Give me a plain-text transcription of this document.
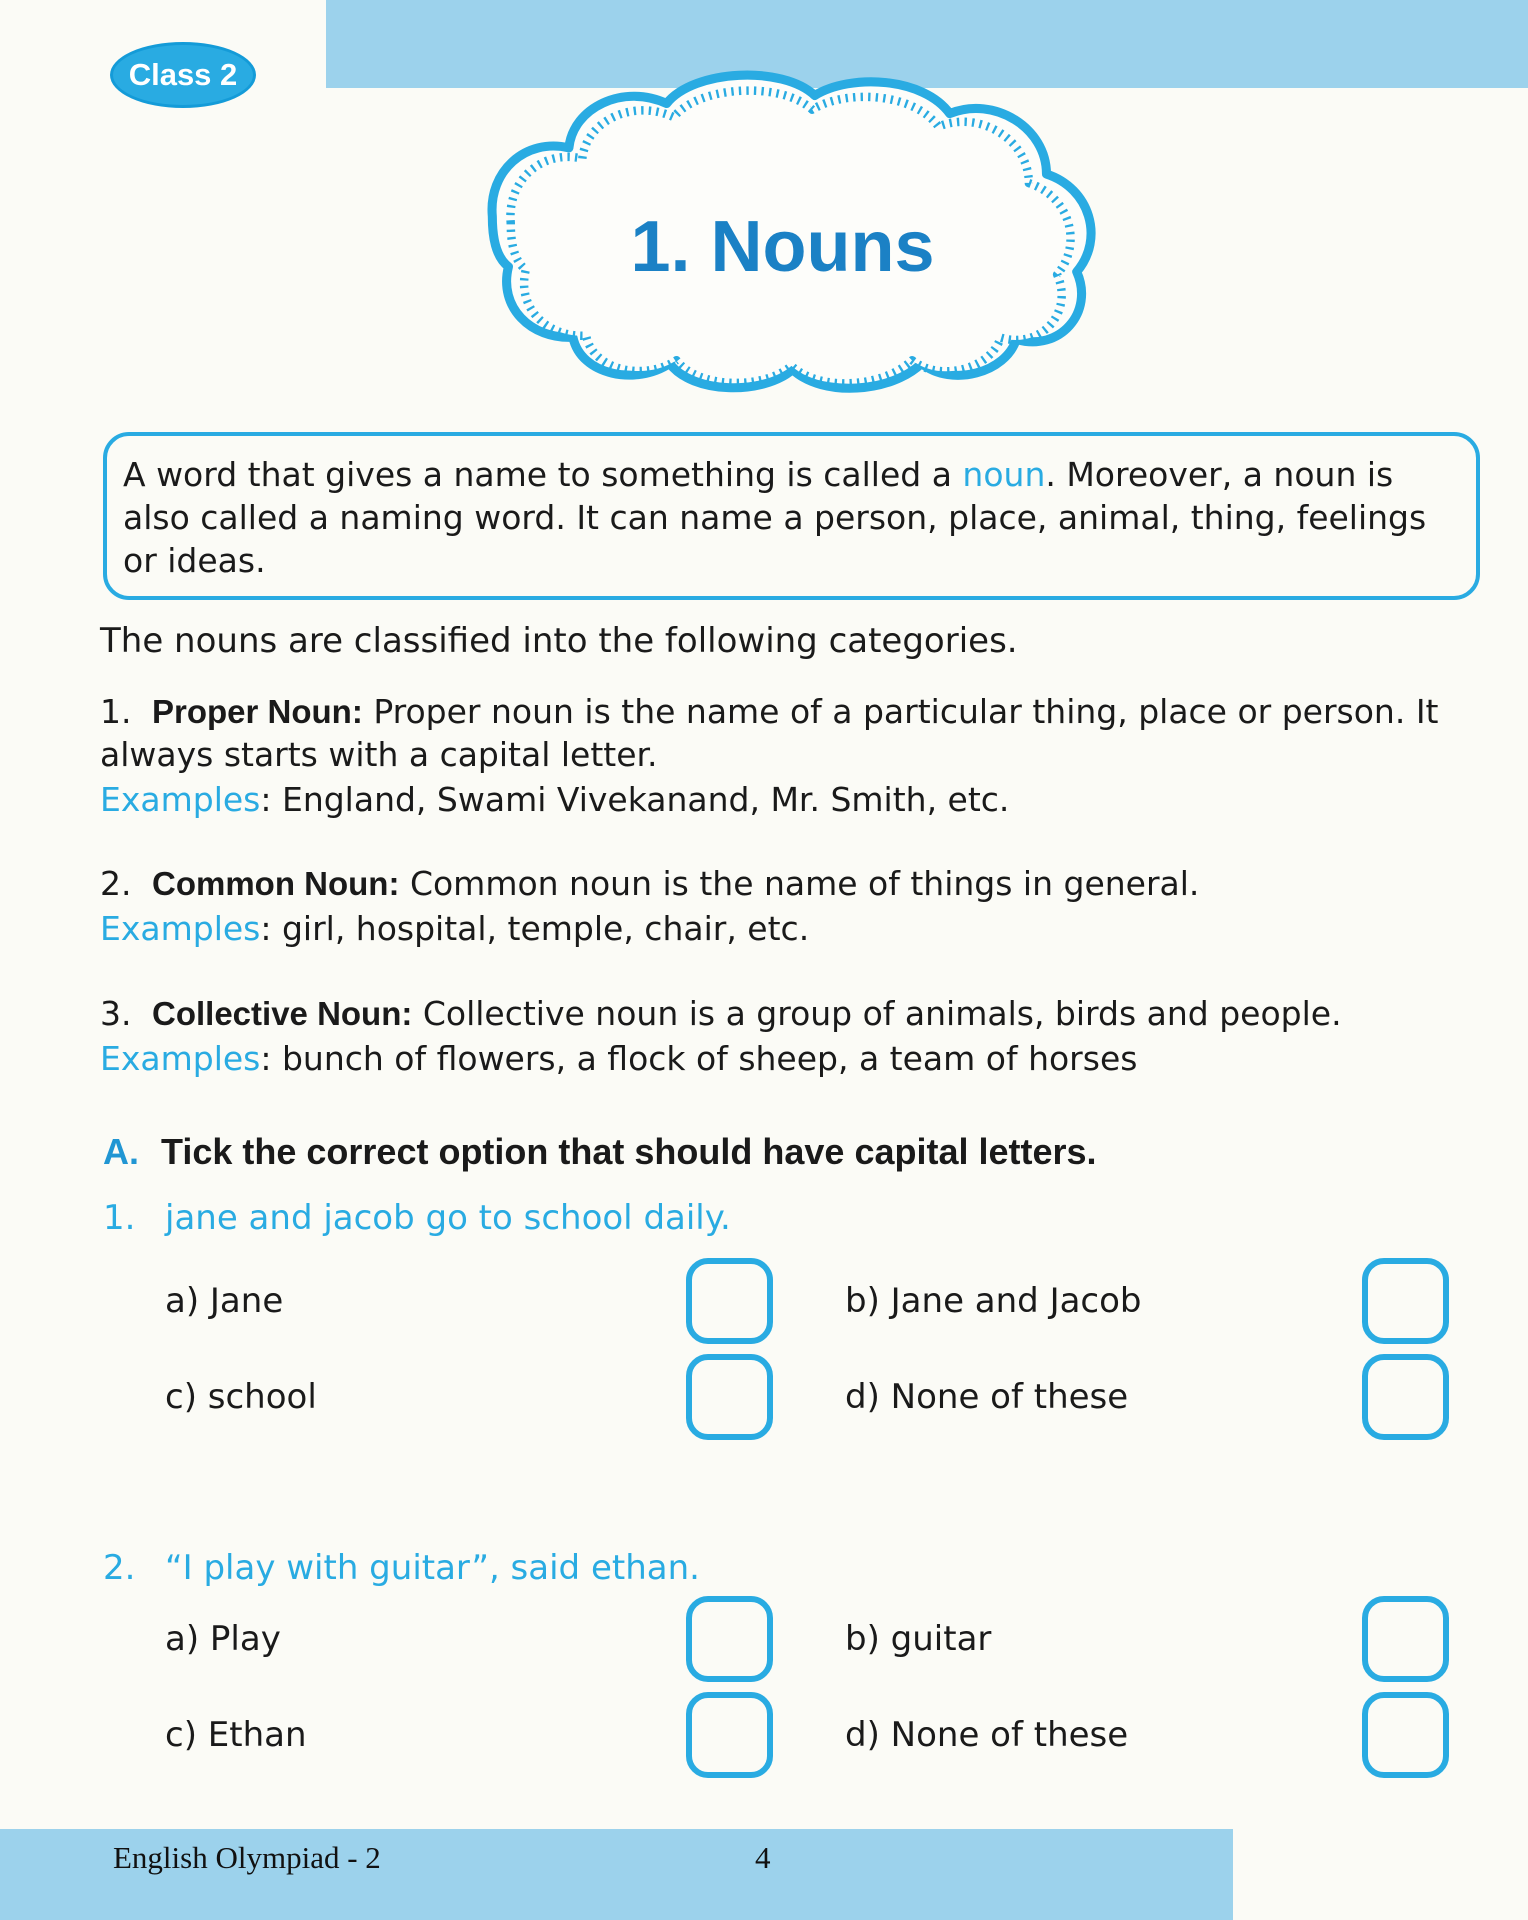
Class 2
1. Nouns
A word that gives a name to something is called a noun. Moreover, a noun is also called a naming word. It can name a person, place, animal, thing, feelings or ideas.
The nouns are classified into the following categories.
1. Proper Noun: Proper noun is the name of a particular thing, place or person. It always starts with a capital letter.
Examples: England, Swami Vivekanand, Mr. Smith, etc.
2. Common Noun: Common noun is the name of things in general.
Examples: girl, hospital, temple, chair, etc.
3. Collective Noun: Collective noun is a group of animals, birds and people.
Examples: bunch of flowers, a flock of sheep, a team of horses
A. Tick the correct option that should have capital letters.
1. jane and jacob go to school daily.
a) Jane	b) Jane and Jacob
c) school	d) None of these
2. “I play with guitar”, said ethan.
a) Play	b) guitar
c) Ethan	d) None of these
English Olympiad - 2	4
